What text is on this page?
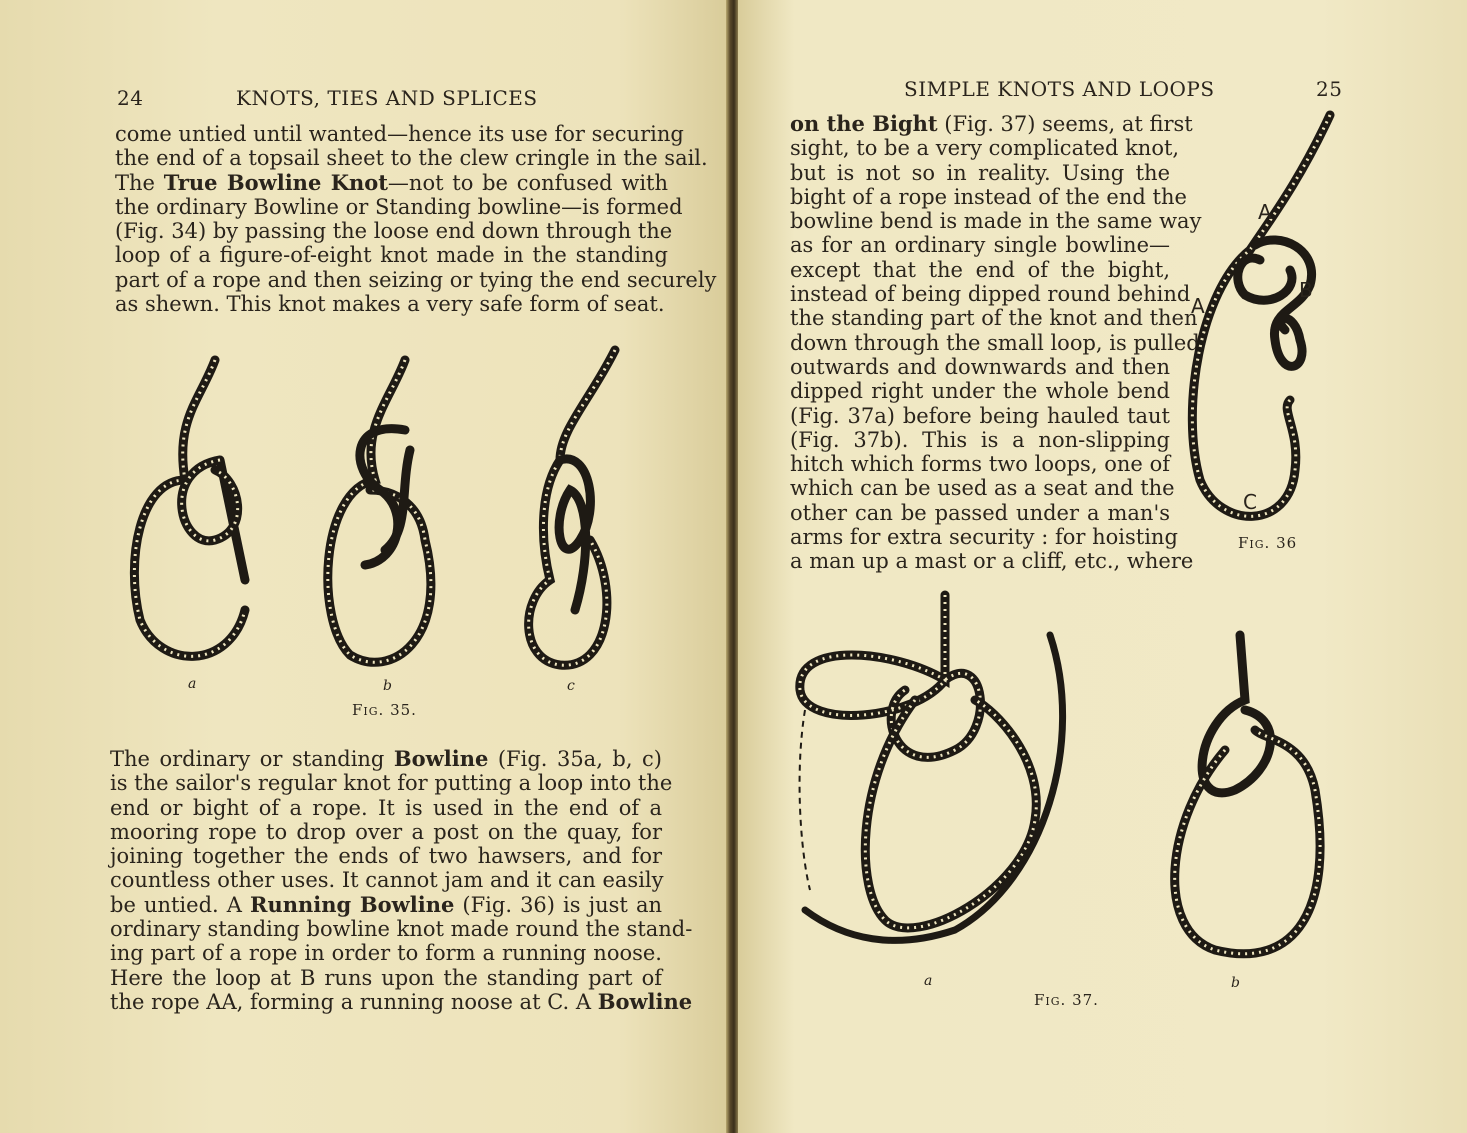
24	KNOTS, TIES AND SPLICES	SIMPLE KNOTS AND LOOPS	25
come untied until wanted—hence its use for securing
the end of a topsail sheet to the clew cringle in the sail.
The True Bowline Knot—not to be confused with
the ordinary Bowline or Standing bowline—is formed
(Fig. 34) by passing the loose end down through the
loop of a figure-of-eight knot made in the standing
part of a rope and then seizing or tying the end securely
as shewn. This knot makes a very safe form of seat.
The ordinary or standing Bowline (Fig. 35a, b, c)
is the sailor's regular knot for putting a loop into the
end or bight of a rope. It is used in the end of a
mooring rope to drop over a post on the quay, for
joining together the ends of two hawsers, and for
countless other uses. It cannot jam and it can easily
be untied. A Running Bowline (Fig. 36) is just an
ordinary standing bowline knot made round the stand-
ing part of a rope in order to form a running noose.
Here the loop at B runs upon the standing part of
the rope AA, forming a running noose at C. A Bowline
on the Bight (Fig. 37) seems, at first
sight, to be a very complicated knot,
but is not so in reality. Using the
bight of a rope instead of the end the
bowline bend is made in the same way
as for an ordinary single bowline—
except that the end of the bight,
instead of being dipped round behind
the standing part of the knot and then
down through the small loop, is pulled
outwards and downwards and then
dipped right under the whole bend
(Fig. 37a) before being hauled taut
(Fig. 37b). This is a non-slipping
hitch which forms two loops, one of
which can be used as a seat and the
other can be passed under a man's
arms for extra security : for hoisting
a man up a mast or a cliff, etc., where
a	b	c
Fig. 35.
A
A
B
C
Fig. 36
a	b
Fig. 37.
